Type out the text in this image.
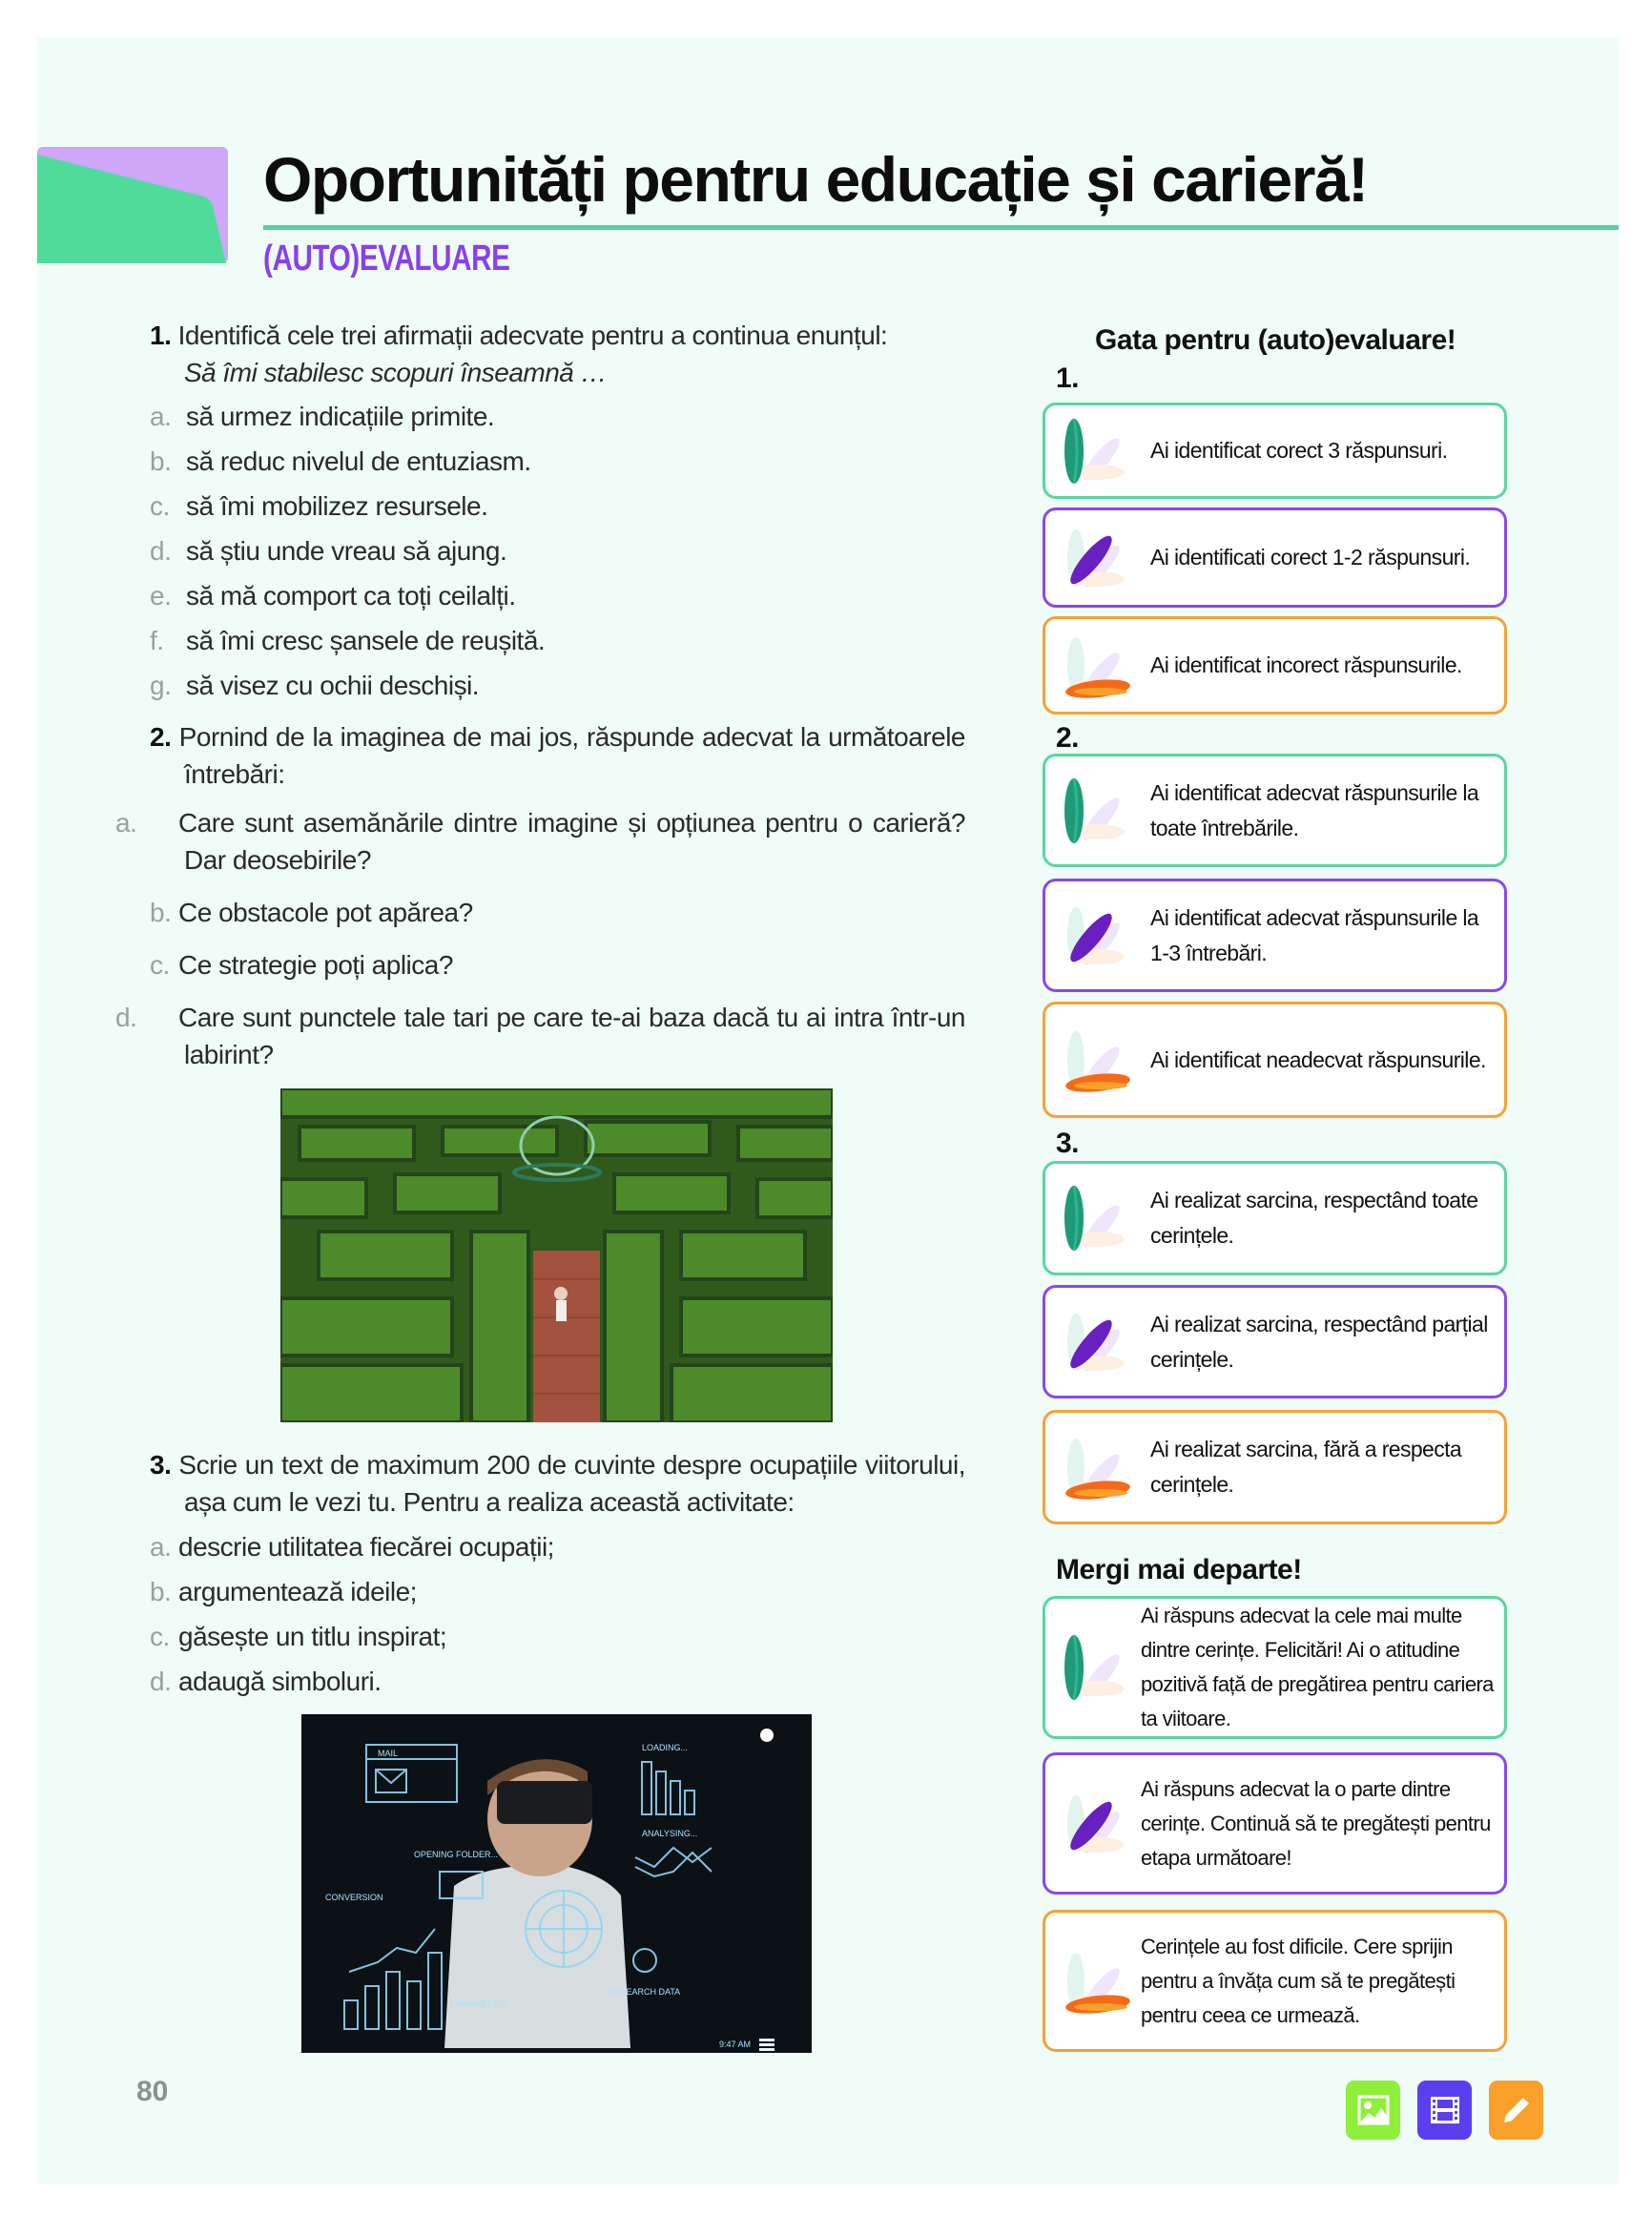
Oportunități pentru educație și carieră!
(AUTO)EVALUARE
1. Identifică cele trei afirmații adecvate pentru a continua enunțul:
Să îmi stabilesc scopuri înseamnă …
a. să urmez indicațiile primite.
b. să reduc nivelul de entuziasm.
c. să îmi mobilizez resursele.
d. să știu unde vreau să ajung.
e. să mă comport ca toți ceilalți.
f. să îmi cresc șansele de reușită.
g. să visez cu ochii deschiși.
2. Pornind de la imaginea de mai jos, răspunde adecvat la următoarele întrebări:
a. Care sunt asemănările dintre imagine și opțiunea pentru o carieră? Dar deosebirile?
b. Ce obstacole pot apărea?
c. Ce strategie poți aplica?
d. Care sunt punctele tale tari pe care te-ai baza dacă tu ai intra într-un labirint?
3. Scrie un text de maximum 200 de cuvinte despre ocupațiile viitorului, așa cum le vezi tu. Pentru a realiza această activitate:
a. descrie utilitatea fiecărei ocupații;
b. argumentează ideile;
c. găsește un titlu inspirat;
d. adaugă simboluri.
MAIL
LOADING...
ANALYSING...
OPENING FOLDER...
CONVERSION
MARKETING
RESEARCH DATA
9:47 AM
80
Gata pentru (auto)evaluare!
1.
2.
3.
Mergi mai departe!
Ai identificat corect 3 răspunsuri.
Ai identificati corect 1-2 răspunsuri.
Ai identificat incorect răspunsurile.
Ai identificat adecvat răspunsurile la toate întrebările.
Ai identificat adecvat răspunsurile la 1-3 întrebări.
Ai identificat neadecvat răspunsurile.
Ai realizat sarcina, respectând toate cerințele.
Ai realizat sarcina, respectând parțial cerințele.
Ai realizat sarcina, fără a respecta cerințele.
Ai răspuns adecvat la cele mai multe dintre cerințe. Felicitări! Ai o atitudine pozitivă față de pregătirea pentru cariera ta viitoare.
Ai răspuns adecvat la o parte dintre cerințe. Continuă să te pregătești pentru etapa următoare!
Cerințele au fost dificile. Cere sprijin pentru a învăța cum să te pregătești pentru ceea ce urmează.
